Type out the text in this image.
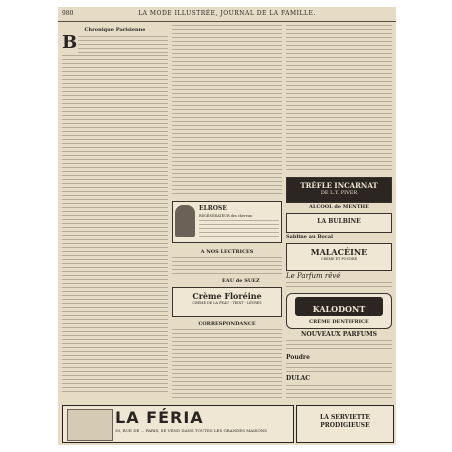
980	LA MODE ILLUSTRÉE, JOURNAL DE LA FAMILLE.
Chronique Parisienne
B
ELROSE
RÉGÉNÉRATEUR des cheveux
A NOS LECTRICES
EAU de SUEZ
Crème Floréine
CRÈME DE LA PEAU - TEINT - LÈVRES
CORRESPONDANCE
TRÈFLE INCARNAT
DE L.T. PIVER
ALCOOL de MENTHE
LA BULBINE
Sabline au Bocal
MALACÉINE
CRÈME ET POUDRE
Le Parfum rêvé
KALODONT
CRÈME DENTIFRICE
NOUVEAUX PARFUMS
Poudre
DULAC
LA FÉRIA
30, RUE DE ... PARIS, SE VEND DANS TOUTES LES GRANDES MAISONS
LA SERVIETTE PRODIGIEUSE
